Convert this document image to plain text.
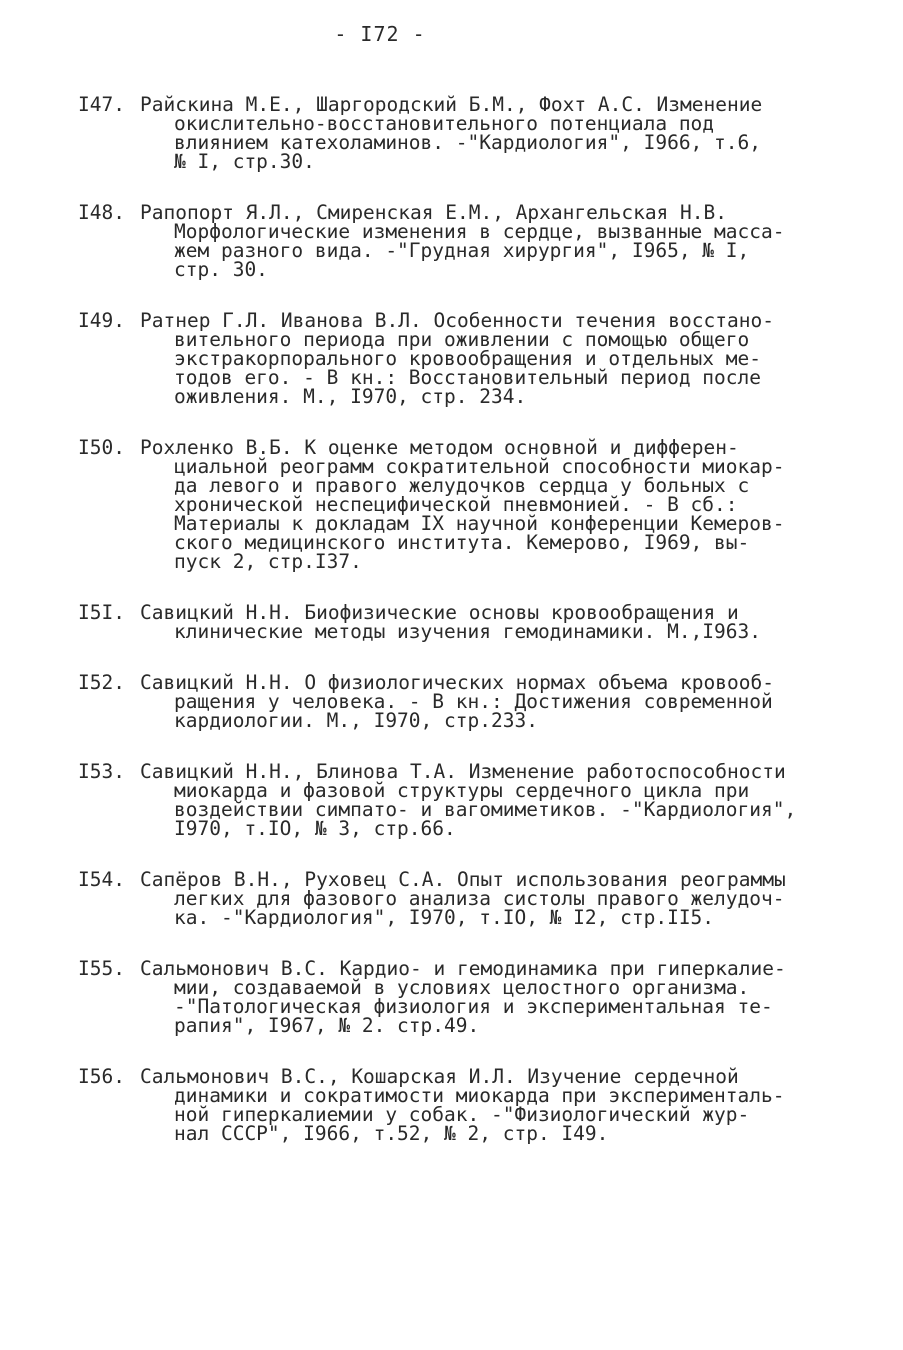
- I72 -
I47. Райскина М.Е., Шаргородский Б.М., Фохт А.С. Изменение
окислительно-восстановительного потенциала под
влиянием катехоламинов. -"Кардиология", I966, т.6,
№ I, стр.30.
I48. Рапопорт Я.Л., Смиренская Е.М., Архангельская Н.В.
Морфологические изменения в сердце, вызванные масса-
жем разного вида. -"Грудная хирургия", I965, № I,
стр. 30.
I49. Ратнер Г.Л. Иванова В.Л. Особенности течения восстано-
вительного периода при оживлении с помощью общего
экстракорпорального кровообращения и отдельных ме-
тодов его. - В кн.: Восстановительный период после
оживления. М., I970, стр. 234.
I50. Рохленко В.Б. К оценке методом основной и дифферен-
циальной реограмм сократительной способности миокар-
да левого и правого желудочков сердца у больных с
хронической неспецифической пневмонией. - В сб.:
Материалы к докладам IX научной конференции Кемеров-
ского медицинского института. Кемерово, I969, вы-
пуск 2, стр.I37.
I5I. Савицкий Н.Н. Биофизические основы кровообращения и
клинические методы изучения гемодинамики. М.,I963.
I52. Савицкий Н.Н. О физиологических нормах объема кровооб-
ращения у человека. - В кн.: Достижения современной
кардиологии. М., I970, стр.233.
I53. Савицкий Н.Н., Блинова Т.А. Изменение работоспособности
миокарда и фазовой структуры сердечного цикла при
воздействии симпато- и вагомиметиков. -"Кардиология",
I970, т.IO, № 3, стр.66.
I54. Сапёров В.Н., Руховец С.А. Опыт использования реограммы
легких для фазового анализа систолы правого желудоч-
ка. -"Кардиология", I970, т.IO, № I2, стр.II5.
I55. Сальмонович В.С. Кардио- и гемодинамика при гиперкалие-
мии, создаваемой в условиях целостного организма.
-"Патологическая физиология и экспериментальная те-
рапия", I967, № 2. стр.49.
I56. Сальмонович В.С., Кошарская И.Л. Изучение сердечной
динамики и сократимости миокарда при эксперименталь-
ной гиперкалиемии у собак. -"Физиологический жур-
нал СССР", I966, т.52, № 2, стр. I49.
